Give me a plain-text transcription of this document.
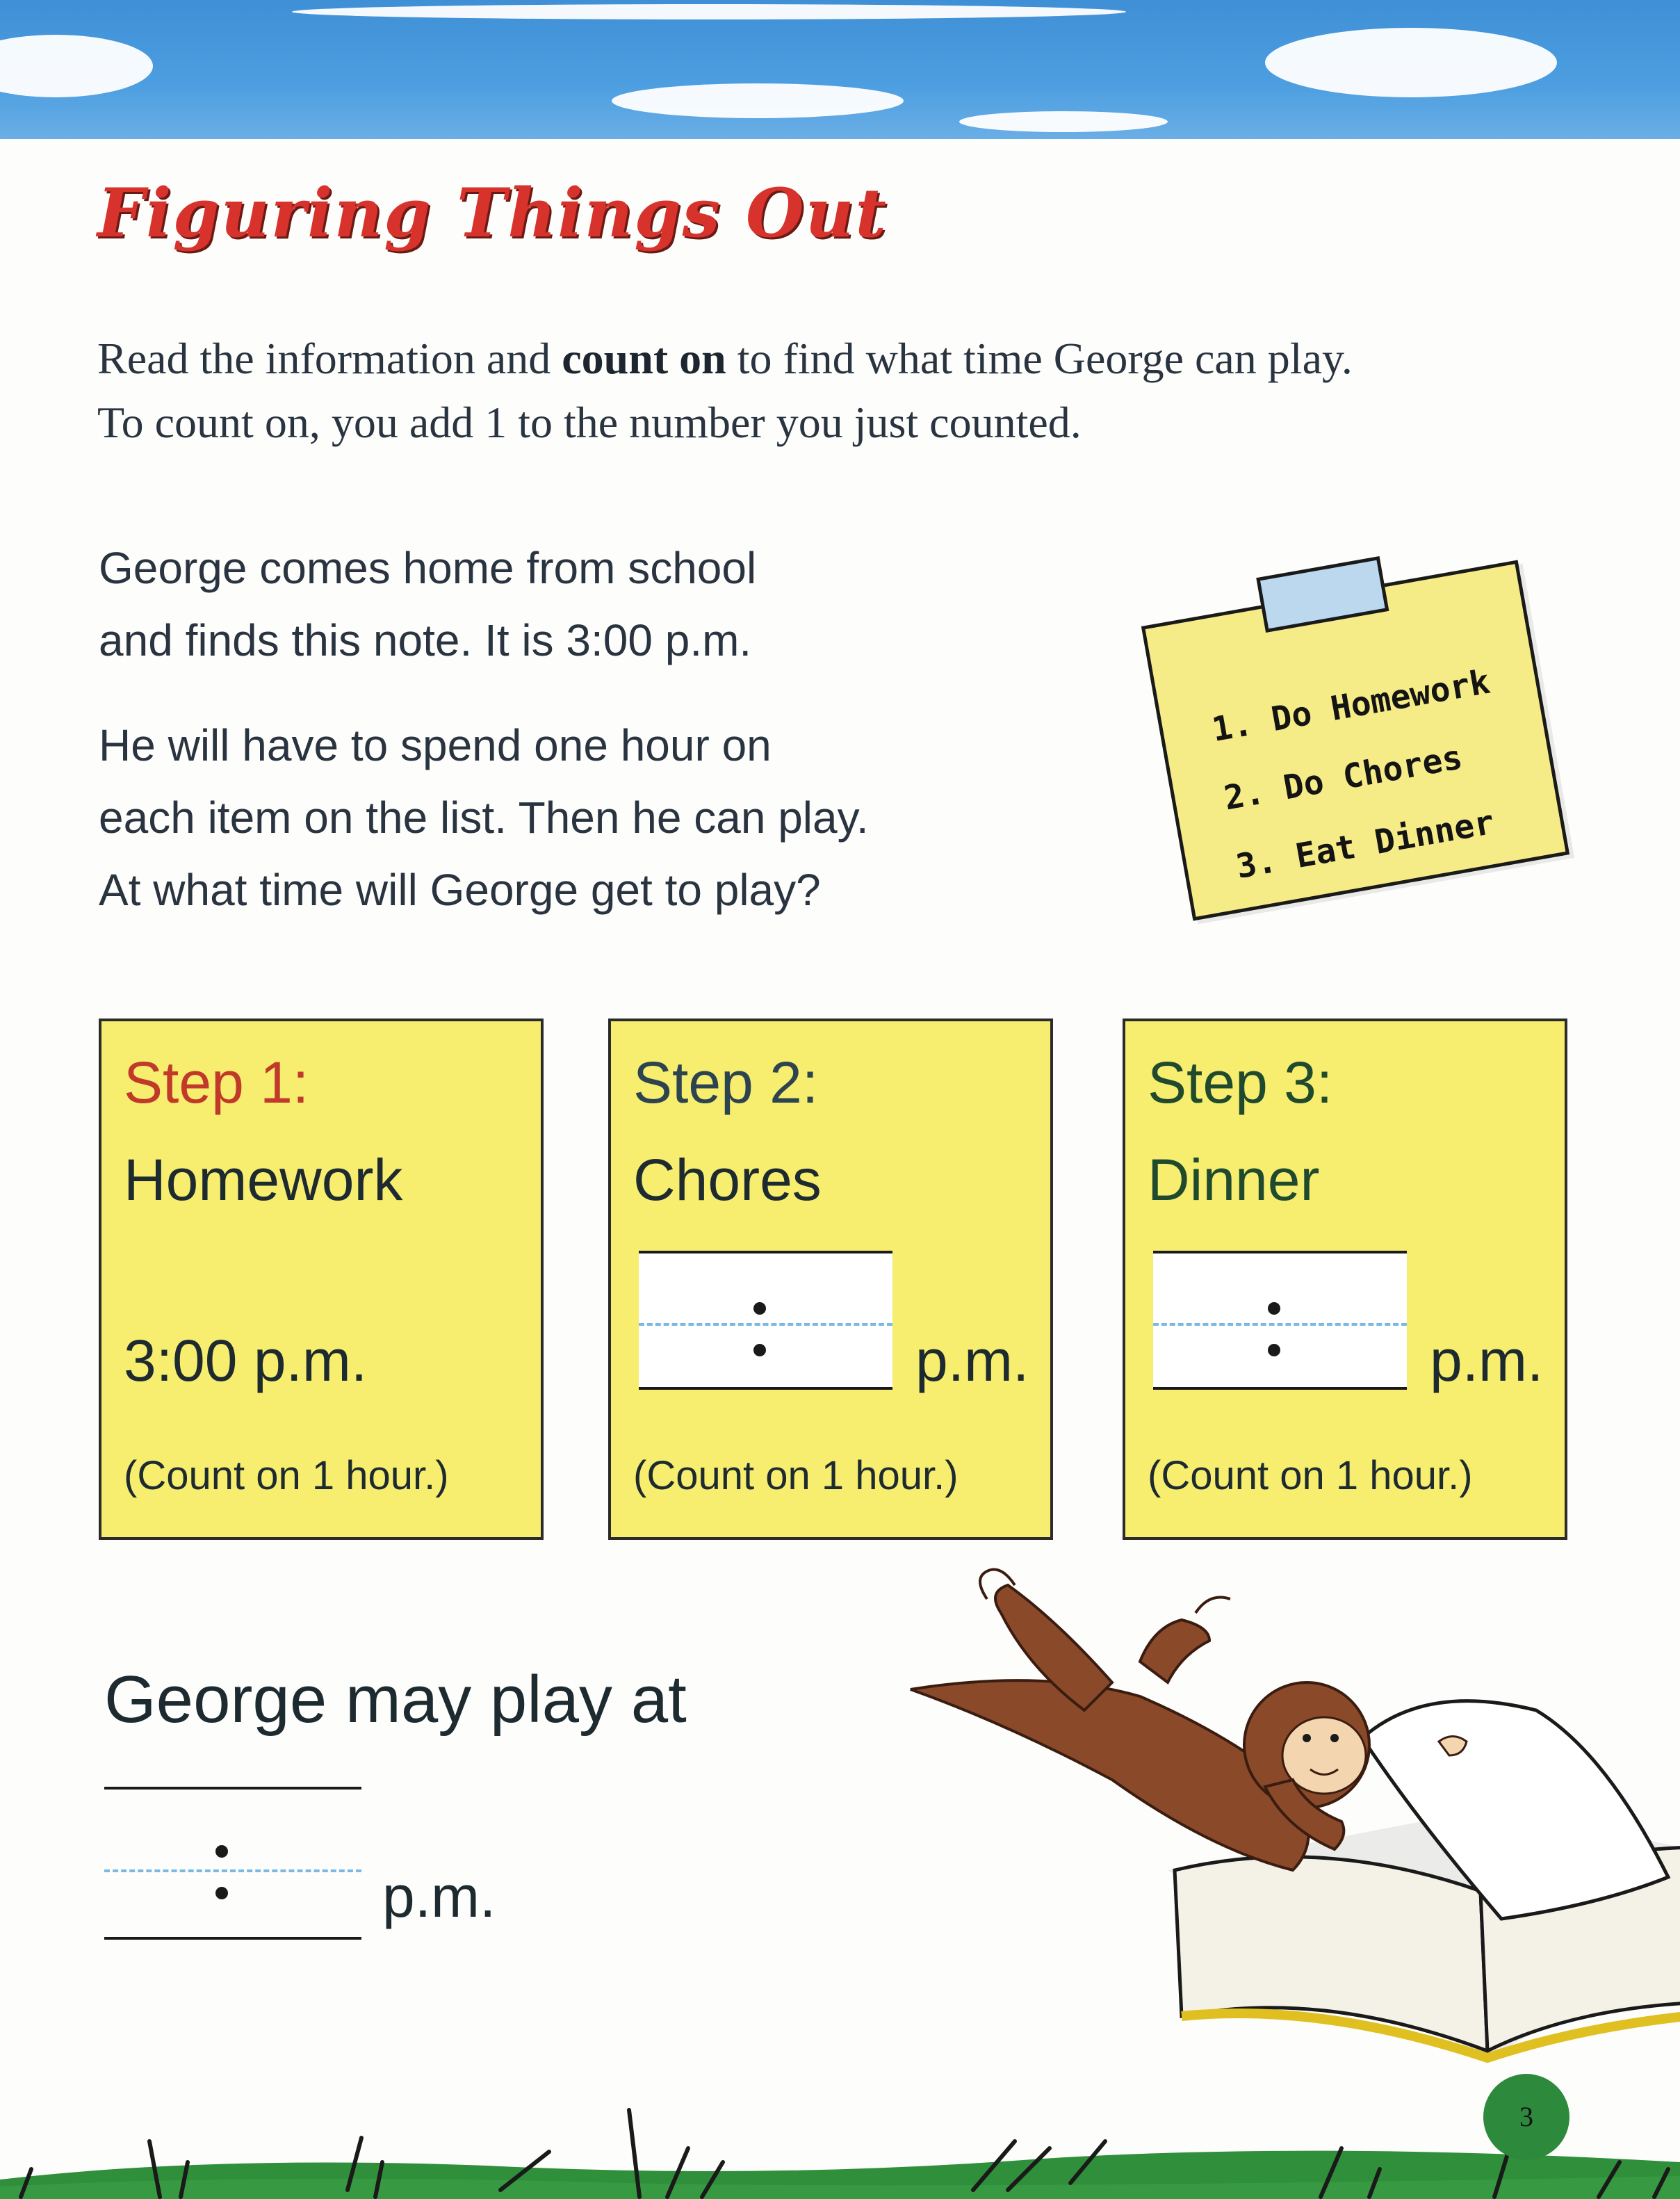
Figuring Things Out
Read the information and count on to find what time George can play.
To count on, you add 1 to the number you just counted.
George comes home from school
and finds this note. It is 3:00 p.m.
He will have to spend one hour on
each item on the list. Then he can play.
At what time will George get to play?
1. Do Homework
2. Do Chores
3. Eat Dinner
Step 1:
Homework
3:00 p.m.
(Count on 1 hour.)
Step 2:
Chores
p.m.
(Count on 1 hour.)
Step 3:
Dinner
p.m.
(Count on 1 hour.)

George may play at

p.m.
3
